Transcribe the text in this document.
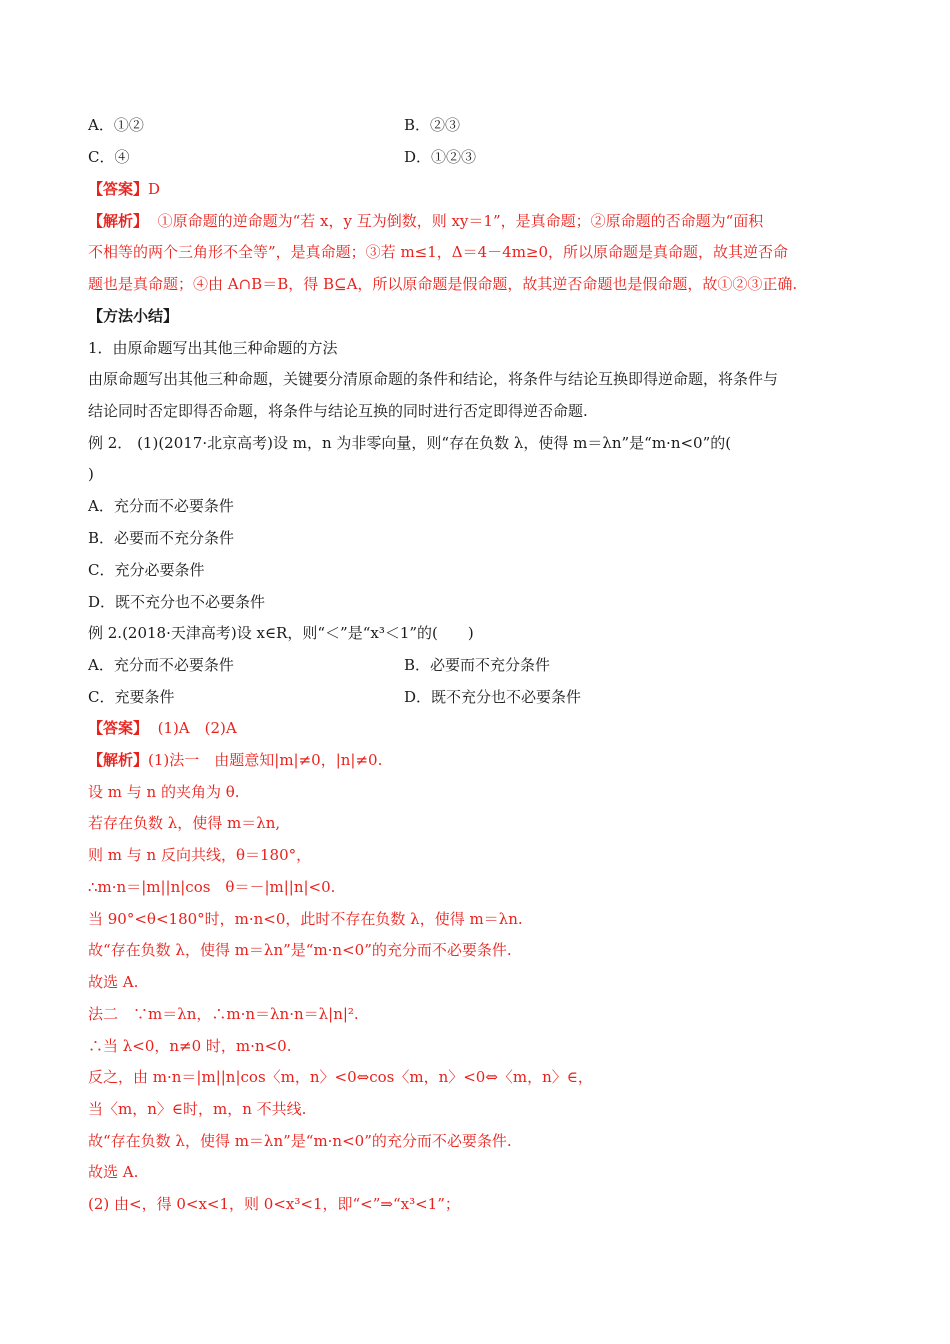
A．①②	B．②③
C．④	D．①②③
【答案】D
【解析】 ①原命题的逆命题为“若 x，y 互为倒数，则 xy＝1”，是真命题；②原命题的否命题为“面积
不相等的两个三角形不全等”，是真命题；③若 m≤1，Δ＝4－4m≥0，所以原命题是真命题，故其逆否命
题也是真命题；④由 A∩B＝B，得 B⊆A，所以原命题是假命题，故其逆否命题也是假命题，故①②③正确.
【方法小结】
1．由原命题写出其他三种命题的方法
由原命题写出其他三种命题，关键要分清原命题的条件和结论，将条件与结论互换即得逆命题，将条件与
结论同时否定即得否命题，将条件与结论互换的同时进行否定即得逆否命题.
例 2． (1)(2017·北京高考)设 m，n 为非零向量，则“存在负数 λ，使得 m＝λn”是“m·n<0”的(
)
A．充分而不必要条件
B．必要而不充分条件
C．充分必要条件
D．既不充分也不必要条件
例 2.(2018·天津高考)设 x∈R，则“＜”是“x³＜1”的(　　)
A．充分而不必要条件	B．必要而不充分条件
C．充要条件	D．既不充分也不必要条件
【答案】 (1)A　(2)A
【解析】(1)法一　由题意知|m|≠0，|n|≠0.
设 m 与 n 的夹角为 θ.
若存在负数 λ，使得 m＝λn,
则 m 与 n 反向共线，θ＝180°，
∴m·n＝|m||n|cos　θ＝－|m||n|<0.
当 90°<θ<180°时，m·n<0，此时不存在负数 λ，使得 m＝λn.
故“存在负数 λ，使得 m＝λn”是“m·n<0”的充分而不必要条件.
故选 A.
法二　∵m＝λn，∴m·n＝λn·n＝λ|n|².
∴当 λ<0，n≠0 时，m·n<0.
反之，由 m·n＝|m||n|cos〈m，n〉<0⇔cos〈m，n〉<0⇔〈m，n〉∈，
当〈m，n〉∈时，m，n 不共线.
故“存在负数 λ，使得 m＝λn”是“m·n<0”的充分而不必要条件.
故选 A.
(2) 由<，得 0<x<1，则 0<x³<1，即“<”⇒“x³<1”；
